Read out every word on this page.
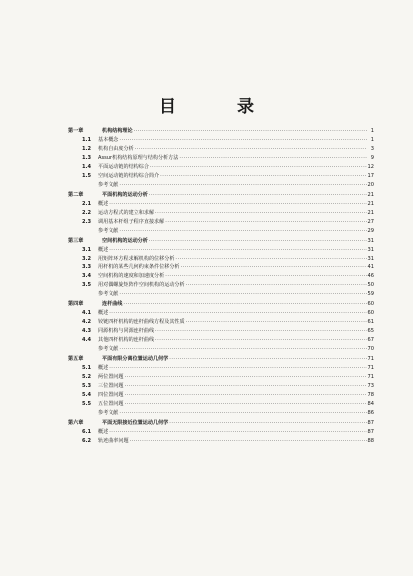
目　录
第一章	机构结构理论 ·····	1
1.1	基本概念 ·····	1
1.2	机构自由度分析 ·····	3
1.3	Assur机构结构原理与结构分析方法 ·····	9
1.4	平面运动链的结构综合 ·····	12
1.5	空间运动链的结构综合简介 ·····	17
参考文献 ·····	20
第二章	平面机构的运动分析 ·····	21
2.1	概述 ·····	21
2.2	运动方程式的建立和求解 ·····	21
2.3	调用基本杆组子程序直接求解 ·····	27
参考文献 ·····	29
第三章	空间机构的运动分析 ·····	31
3.1	概述 ·····	31
3.2	用矩阵环方程求解机构的位移分析 ·····	31
3.3	用杆机的某些几何约束条件位移分析 ·····	41
3.4	空间机构的速度和加速度分析 ·····	46
3.5	用对偶螺旋矩阵作空间机构的运动分析 ·····	50
参考文献 ·····	59
第四章	连杆曲线 ·····	60
4.1	概述 ·····	60
4.2	铰链四杆机构的连杆曲线方程及其性质 ·····	61
4.3	同源机构与同源连杆曲线 ·····	65
4.4	其他四杆机构的连杆曲线 ·····	67
参考文献 ·····	70
第五章	平面有限分离位置运动几何学 ·····	71
5.1	概述 ·····	71
5.2	两位置问题 ·····	71
5.3	三位置问题 ·····	73
5.4	四位置问题 ·····	78
5.5	五位置问题 ·····	84
参考文献 ·····	86
第六章	平面无限接近位置运动几何学 ·····	87
6.1	概述 ·····	87
6.2	轨迹曲率问题 ·····	88
